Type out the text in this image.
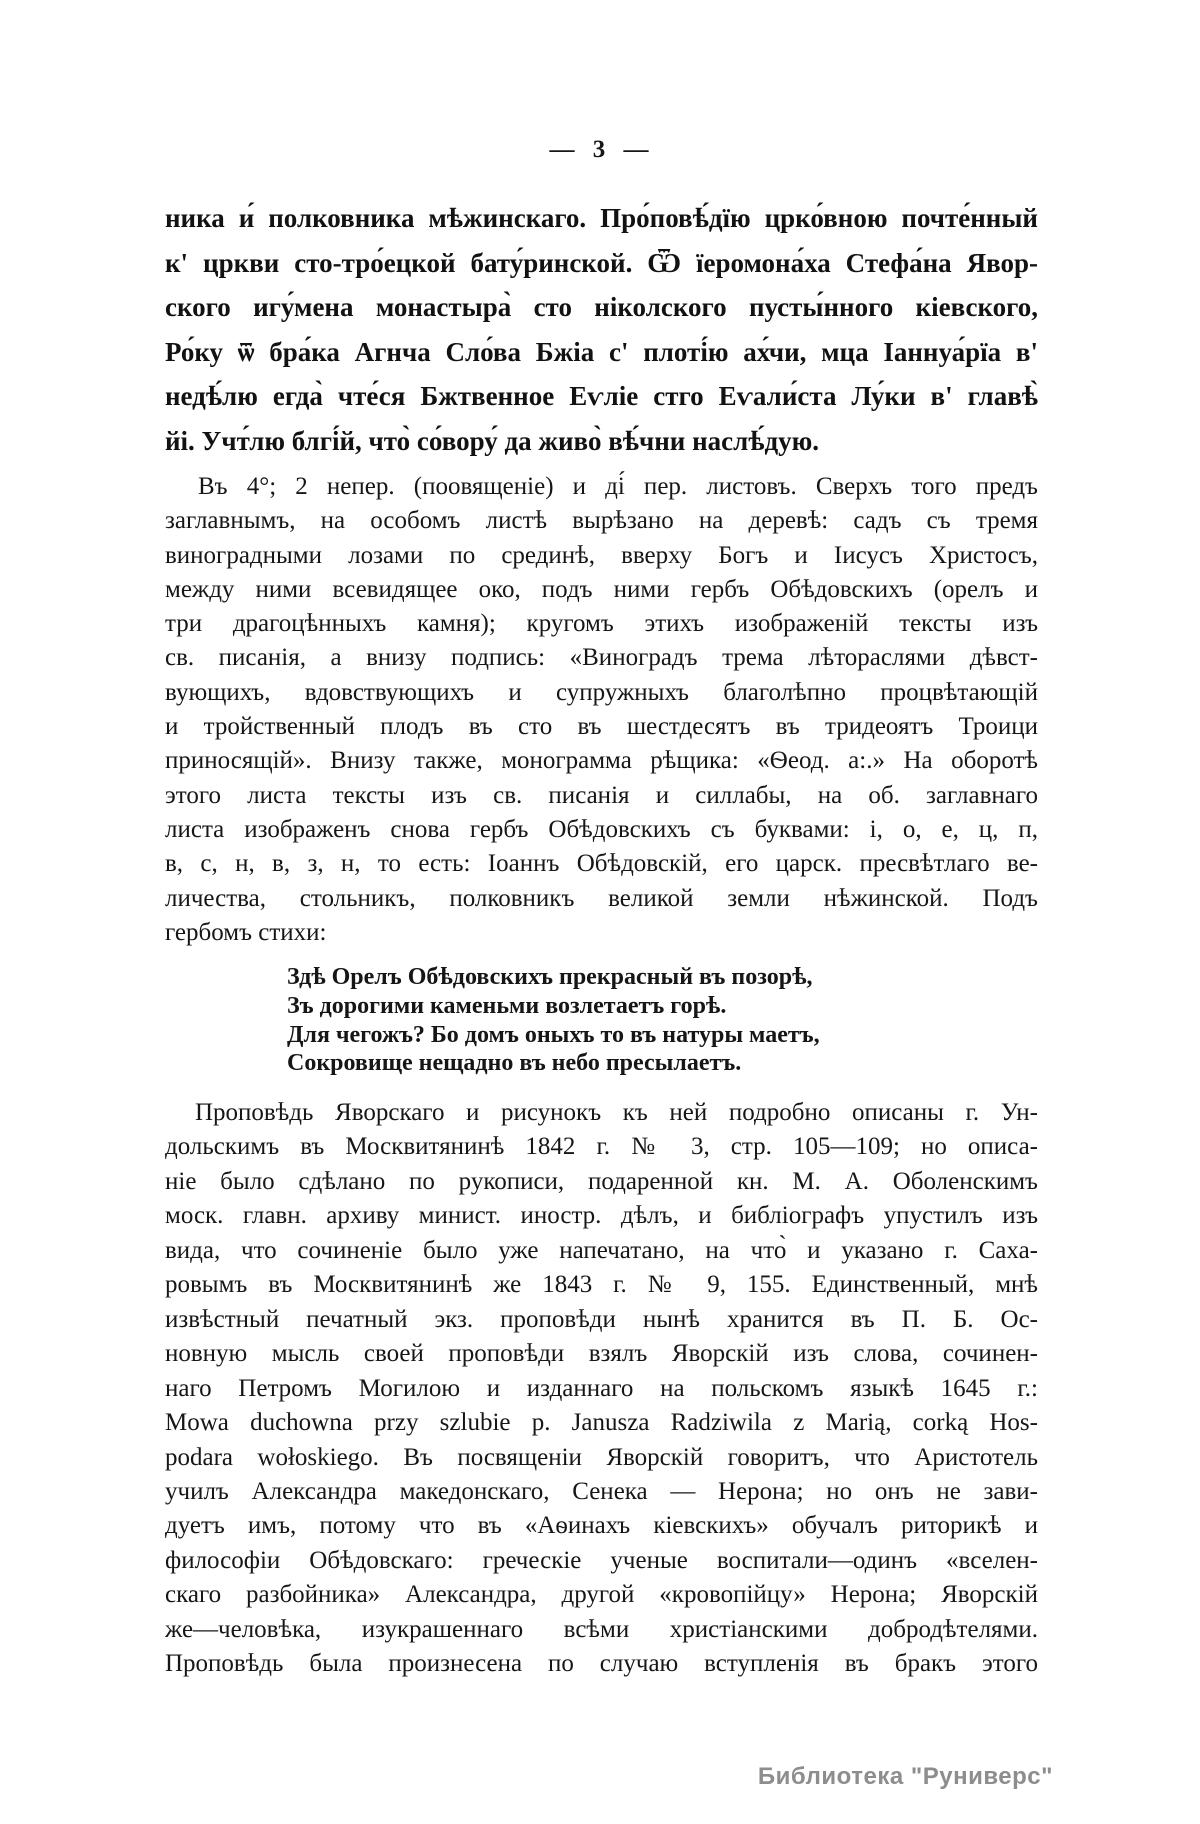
— 3 —
ника и́ полковника мѣжинскаго. Про́повѣ́дїю црко́вною почте́нный
к' цркви сто-тро́ецкой бату́ринской. Ѿ їеромона́ха Стефа́на Явор-
ского игу́мена монастыра̀ сто ніколского пусты́нного кіевского,
Ро́ку ѿ бра́ка Агнча Сло́ва Бжіа с' плоті́ю ах́чи, мца Іаннуа́рїа в'
недѣ́лю егда̀ чте́ся Бжтвенное Еѵліе стго Еѵали́ста Лу́ки в' главѣ̀
йі. Учт́лю блгі́й, что̀ со́вору́ да живо̀ вѣ́чни наслѣ́дую.
Въ 4°; 2 непер. (поовященіе) и ді́ пер. листовъ. Сверхъ того предъ
заглавнымъ, на особомъ листѣ вырѣзано на деревѣ: садъ съ тремя
виноградными лозами по срединѣ, вверху Богъ и Іисусъ Христосъ,
между ними всевидящее око, подъ ними гербъ Обѣдовскихъ (орелъ и
три драгоцѣнныхъ камня); кругомъ этихъ изображеній тексты изъ
св. писанія, а внизу подпись: «Виноградъ трема лѣтораслями дѣвст-
вующихъ, вдовствующихъ и супружныхъ благолѣпно процвѣтающій
и тройственный плодъ въ сто въ шестдесятъ въ тридеоятъ Троици
приносящій». Внизу также, монограмма рѣщика: «Ѳеод. а:.» На оборотѣ
этого листа тексты изъ св. писанія и силлабы, на об. заглавнаго
листа изображенъ снова гербъ Обѣдовскихъ съ буквами: і, о, е, ц, п,
в, с, н, в, з, н, то есть: Іоаннъ Обѣдовскій, его царск. пресвѣтлаго ве-
личества, стольникъ, полковникъ великой земли нѣжинской. Подъ
гербомъ стихи:
Здѣ Орелъ Обѣдовскихъ прекрасный въ позорѣ,
Зъ дорогими каменьми возлетаетъ горѣ.
Для чегожъ? Бо домъ оныхъ то въ натуры маетъ,
Сокровище нещадно въ небо пресылаетъ.
Проповѣдь Яворскаго и рисунокъ къ ней подробно описаны г. Ун-
дольскимъ въ Москвитянинѣ 1842 г. № 3, стр. 105—109; но описа-
ніе было сдѣлано по рукописи, подаренной кн. М. А. Оболенскимъ
моск. главн. архиву минист. иностр. дѣлъ, и библіографъ упустилъ изъ
вида, что сочиненіе было уже напечатано, на что̀ и указано г. Саха-
ровымъ въ Москвитянинѣ же 1843 г. № 9, 155. Единственный, мнѣ
извѣстный печатный экз. проповѣди нынѣ хранится въ П. Б. Ос-
новную мысль своей проповѣди взялъ Яворскій изъ слова, сочинен-
наго Петромъ Могилою и изданнаго на польскомъ языкѣ 1645 г.:
Mowa duchowna przy szlubie p. Janusza Radziwila z Marią, corką Hos-
podara wołoskiego. Въ посвященіи Яворскій говоритъ, что Аристотель
училъ Александра македонскаго, Сенека — Нерона; но онъ не зави-
дуетъ имъ, потому что въ «Аѳинахъ кіевскихъ» обучалъ риторикѣ и
философіи Обѣдовскаго: греческіе ученые воспитали—одинъ «вселен-
скаго разбойника» Александра, другой «кровопійцу» Нерона; Яворскій
же—человѣка, изукрашеннаго всѣми христіанскими добродѣтелями.
Проповѣдь была произнесена по случаю вступленія въ бракъ этого
Библиотека "Руниверс"
